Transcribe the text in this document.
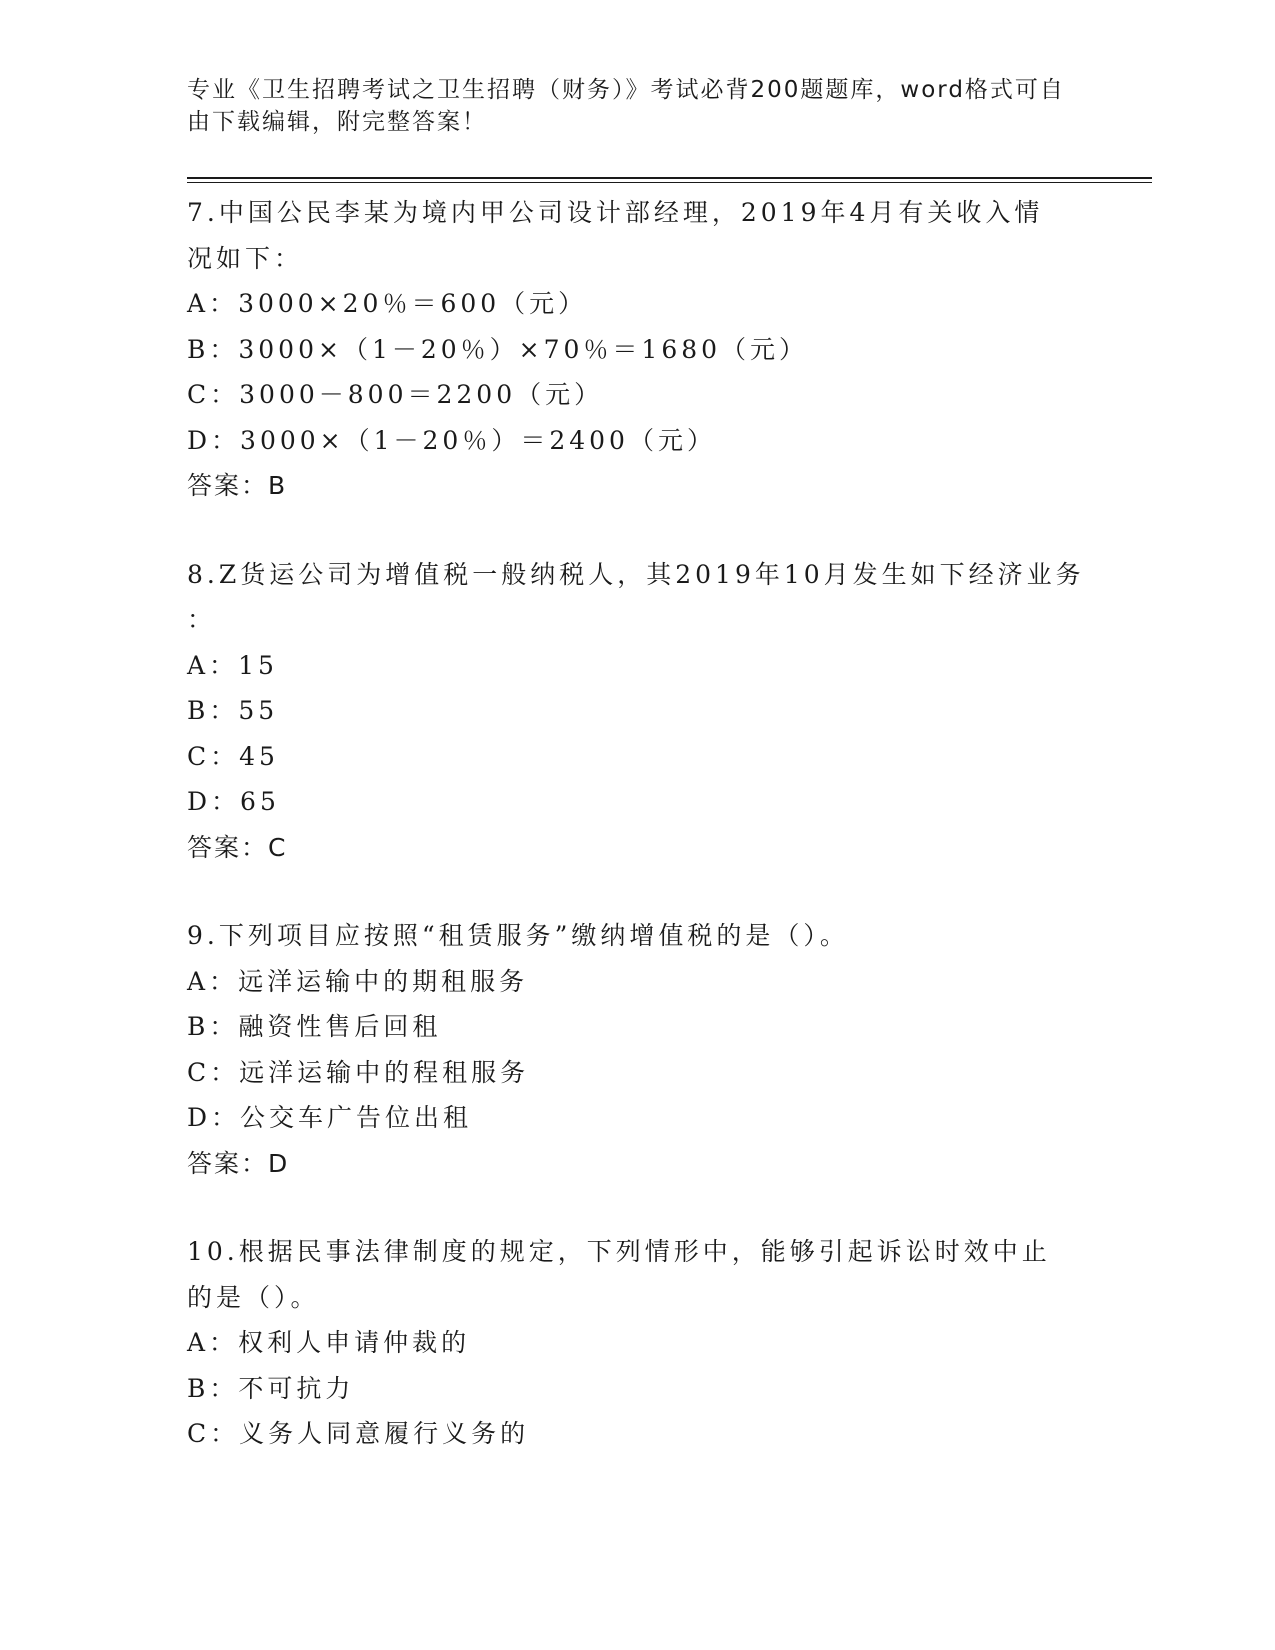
专业《卫生招聘考试之卫生招聘（财务）》考试必背200题题库，word格式可自
由下载编辑，附完整答案！
7.中国公民李某为境内甲公司设计部经理，2019年4月有关收入情况如下：
A：3000×20％＝600（元）
B：3000×（1－20％）×70％＝1680（元）
C：3000－800＝2200（元）
D：3000×（1－20％）＝2400（元）
答案：B
8.Z货运公司为增值税一般纳税人，其2019年10月发生如下经济业务
：
A：15
B：55
C：45
D：65
答案：C
9.下列项目应按照“租赁服务”缴纳增值税的是（）。
A：远洋运输中的期租服务
B：融资性售后回租
C：远洋运输中的程租服务
D：公交车广告位出租
答案：D
10.根据民事法律制度的规定，下列情形中，能够引起诉讼时效中止的是（）。
A：权利人申请仲裁的
B：不可抗力
C：义务人同意履行义务的
